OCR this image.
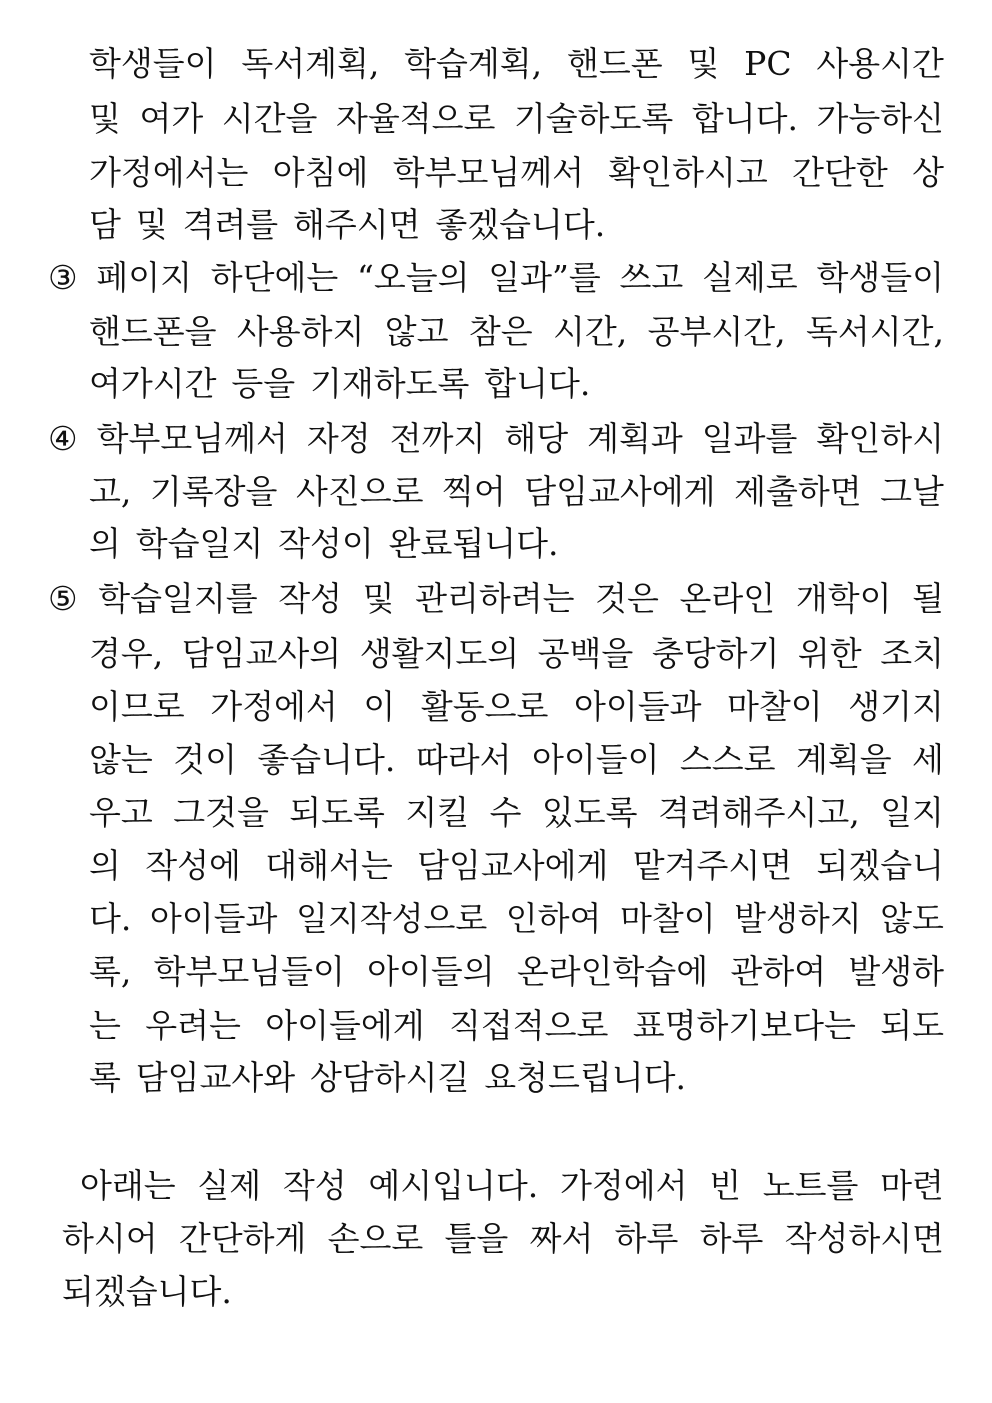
학생들이 독서계획, 학습계획, 핸드폰 및 PC 사용시간
및 여가 시간을 자율적으로 기술하도록 합니다. 가능하신
가정에서는 아침에 학부모님께서 확인하시고 간단한 상
담 및 격려를 해주시면 좋겠습니다.
③ 페이지 하단에는 “오늘의 일과”를 쓰고 실제로 학생들이
핸드폰을 사용하지 않고 참은 시간, 공부시간, 독서시간,
여가시간 등을 기재하도록 합니다.
④ 학부모님께서 자정 전까지 해당 계획과 일과를 확인하시
고, 기록장을 사진으로 찍어 담임교사에게 제출하면 그날
의 학습일지 작성이 완료됩니다.
⑤ 학습일지를 작성 및 관리하려는 것은 온라인 개학이 될
경우, 담임교사의 생활지도의 공백을 충당하기 위한 조치
이므로 가정에서 이 활동으로 아이들과 마찰이 생기지
않는 것이 좋습니다. 따라서 아이들이 스스로 계획을 세
우고 그것을 되도록 지킬 수 있도록 격려해주시고, 일지
의 작성에 대해서는 담임교사에게 맡겨주시면 되겠습니
다. 아이들과 일지작성으로 인하여 마찰이 발생하지 않도
록, 학부모님들이 아이들의 온라인학습에 관하여 발생하
는 우려는 아이들에게 직접적으로 표명하기보다는 되도
록 담임교사와 상담하시길 요청드립니다.
아래는 실제 작성 예시입니다. 가정에서 빈 노트를 마련
하시어 간단하게 손으로 틀을 짜서 하루 하루 작성하시면
되겠습니다.
